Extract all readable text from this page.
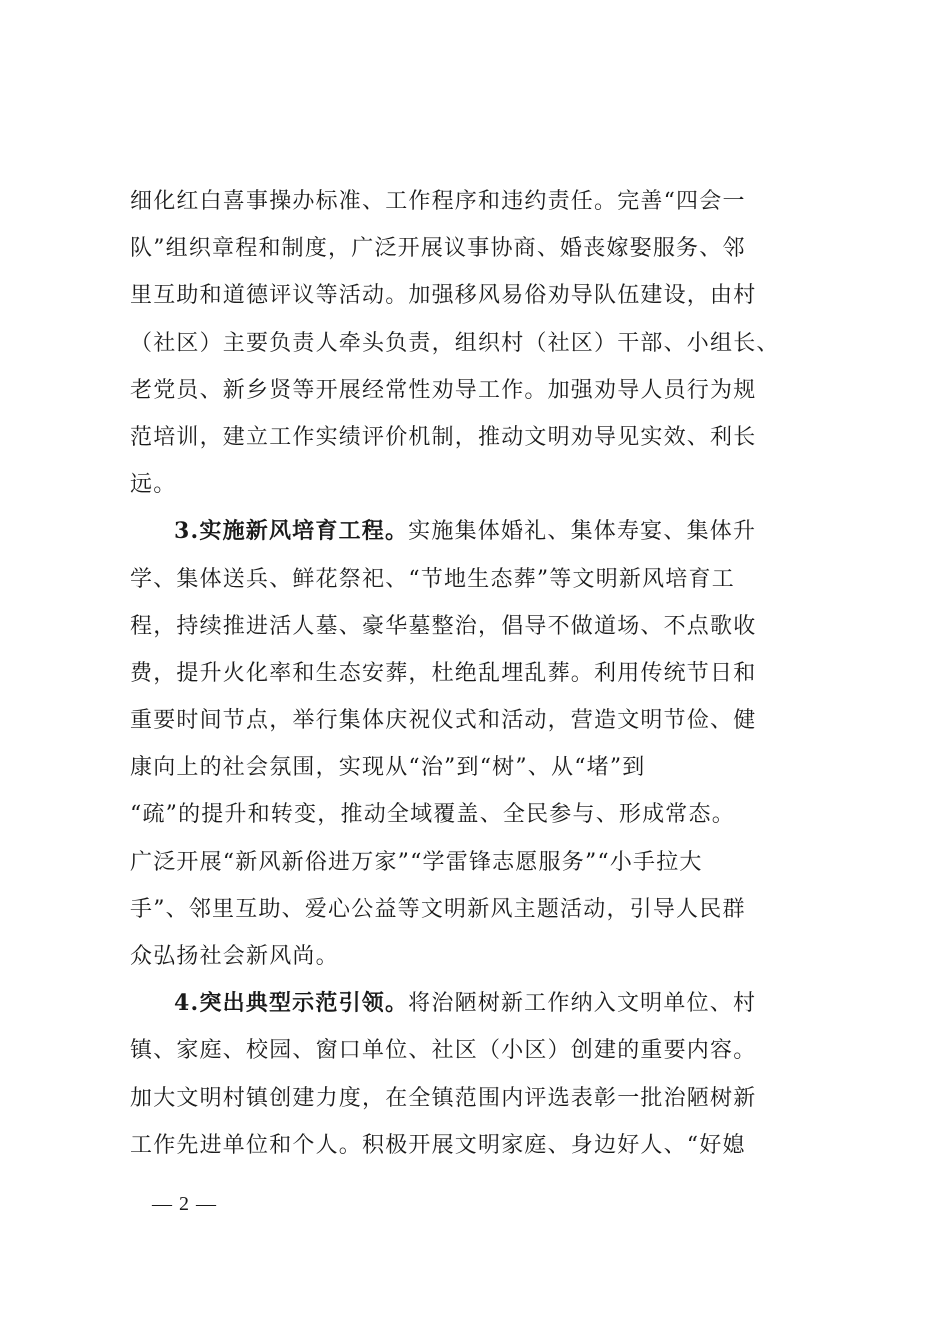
细化红白喜事操办标准、工作程序和违约责任。完善“四会一
队”组织章程和制度，广泛开展议事协商、婚丧嫁娶服务、邻
里互助和道德评议等活动。加强移风易俗劝导队伍建设，由村
（社区）主要负责人牵头负责，组织村（社区）干部、小组长、
老党员、新乡贤等开展经常性劝导工作。加强劝导人员行为规
范培训，建立工作实绩评价机制，推动文明劝导见实效、利长
远。
3.实施新风培育工程。实施集体婚礼、集体寿宴、集体升
学、集体送兵、鲜花祭祀、“节地生态葬”等文明新风培育工
程，持续推进活人墓、豪华墓整治，倡导不做道场、不点歌收
费，提升火化率和生态安葬，杜绝乱埋乱葬。利用传统节日和
重要时间节点，举行集体庆祝仪式和活动，营造文明节俭、健
康向上的社会氛围，实现从“治”到“树”、从“堵”到
“疏”的提升和转变，推动全域覆盖、全民参与、形成常态。
广泛开展“新风新俗进万家”“学雷锋志愿服务”“小手拉大
手”、邻里互助、爱心公益等文明新风主题活动，引导人民群
众弘扬社会新风尚。
4.突出典型示范引领。将治陋树新工作纳入文明单位、村
镇、家庭、校园、窗口单位、社区（小区）创建的重要内容。
加大文明村镇创建力度，在全镇范围内评选表彰一批治陋树新
工作先进单位和个人。积极开展文明家庭、身边好人、“好媳
— 2 —
